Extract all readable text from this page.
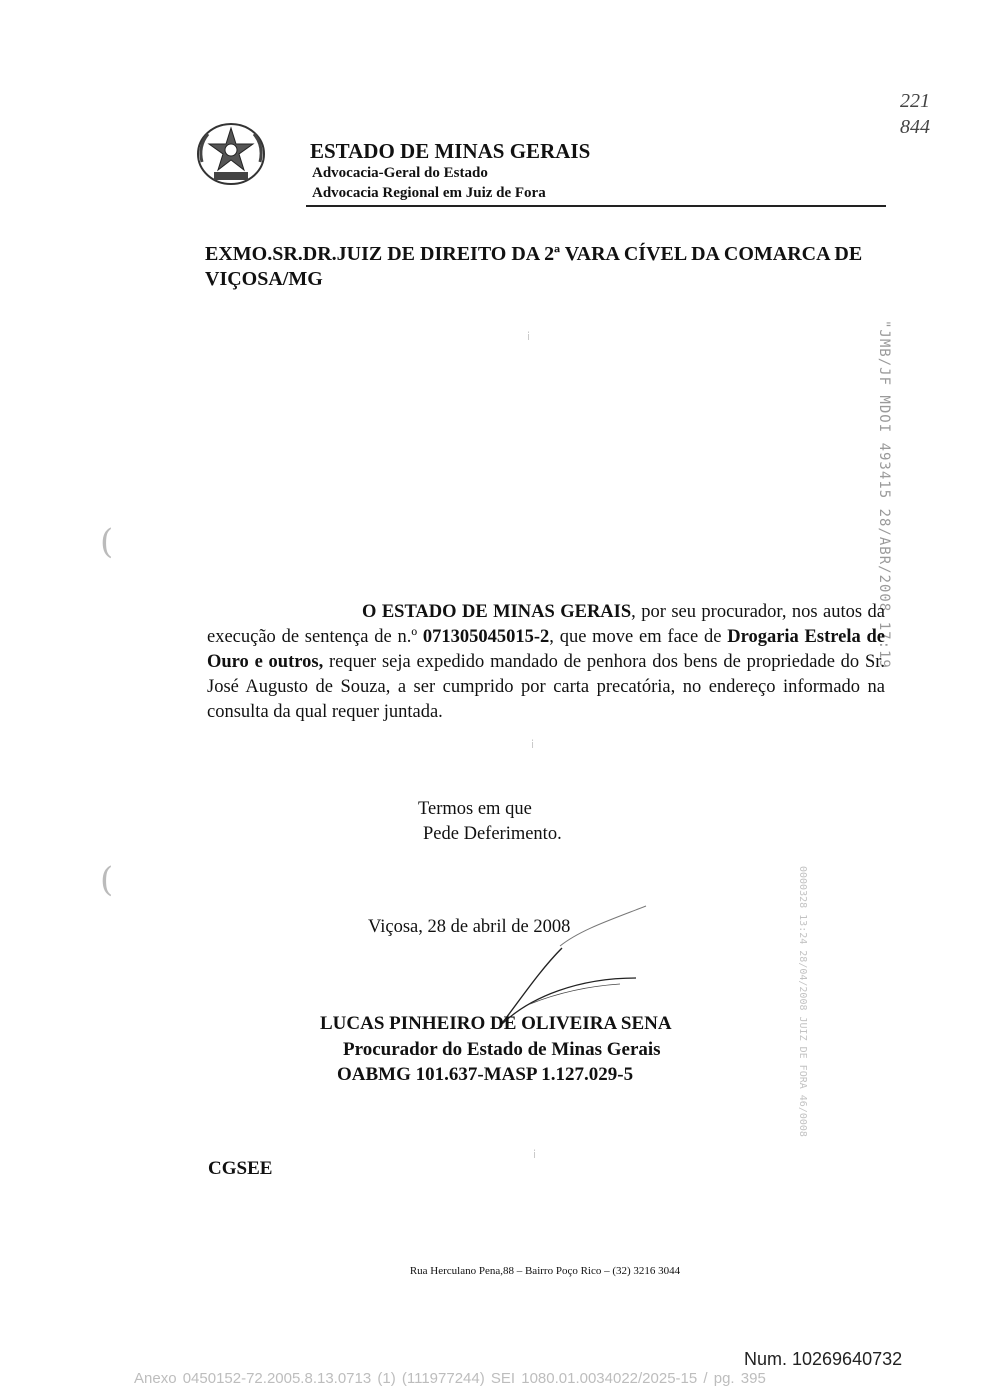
ESTADO DE MINAS GERAIS
Advocacia-Geral do Estado
Advocacia Regional em Juiz de Fora
221
844
EXMO.SR.DR.JUIZ DE DIREITO DA 2ª VARA CÍVEL DA COMARCA DE VIÇOSA/MG
"JMB/JF MDOI 493415 28/ABR/2008 17:19
0000328 13:24 28/04/2008 JUIZ DE FORA 46/0008
ⅰ
ⅰ
ⅰ
(
(
O ESTADO DE MINAS GERAIS, por seu procurador, nos autos da execução de sentença de n.º 071305045015-2, que move em face de Drogaria Estrela de Ouro e outros, requer seja expedido mandado de penhora dos bens de propriedade do Sr. José Augusto de Souza, a ser cumprido por carta precatória, no endereço informado na consulta da qual requer juntada.
Termos em que
Pede Deferimento.
Viçosa, 28 de abril de 2008
LUCAS PINHEIRO DE OLIVEIRA SENA
Procurador do Estado de Minas Gerais
OABMG 101.637-MASP 1.127.029-5
CGSEE
Rua Herculano Pena,88 – Bairro Poço Rico – (32) 3216 3044
Num. 10269640732
Anexo 0450152-72.2005.8.13.0713 (1) (111977244) SEI 1080.01.0034022/2025-15 / pg. 395
